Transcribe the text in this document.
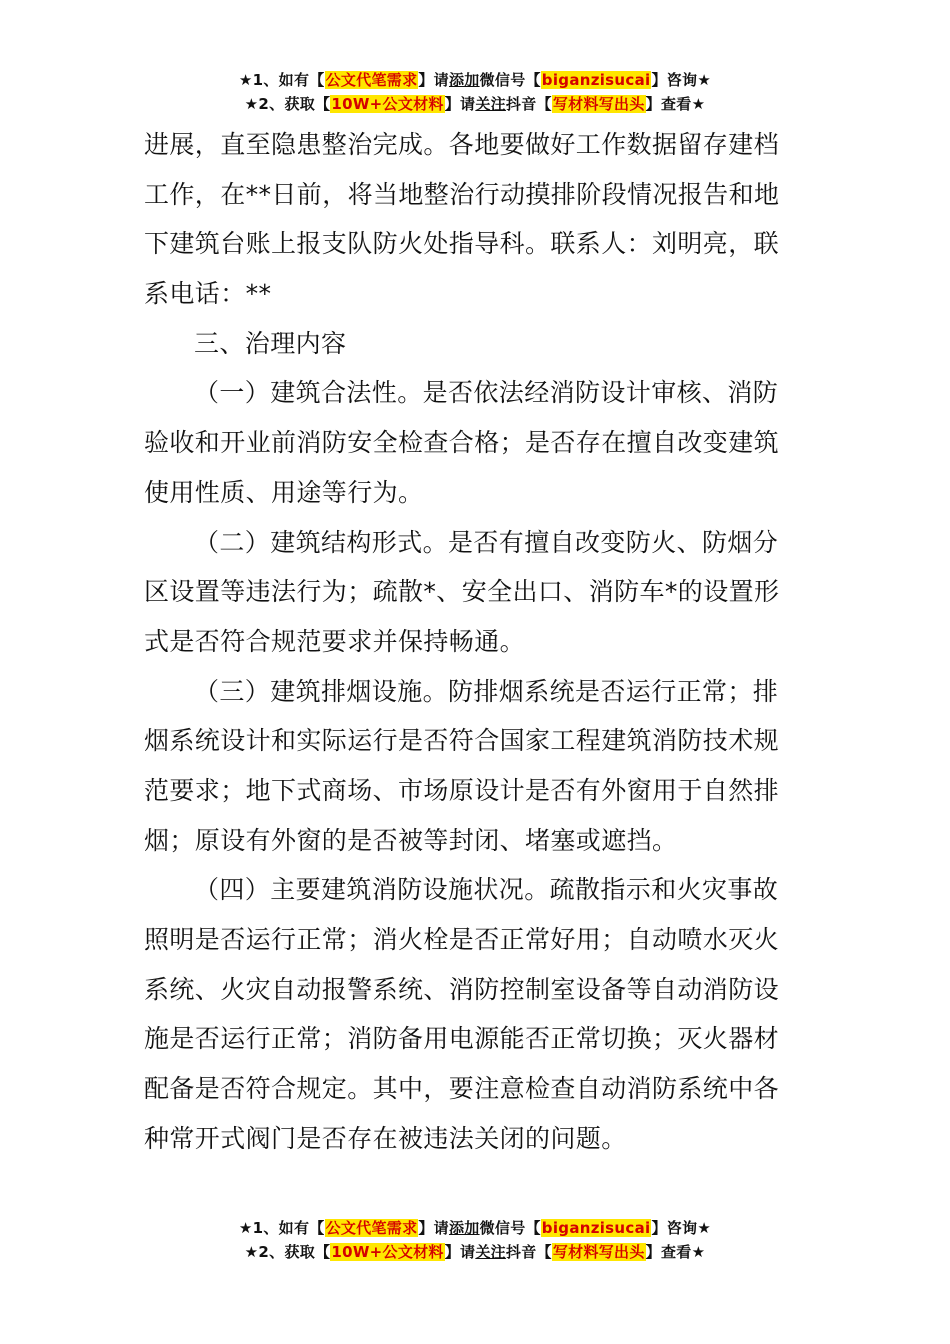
★1、如有【公文代笔需求】请添加微信号【biganzisucai】咨询★
★2、获取【10W+公文材料】请关注抖音【写材料写出头】查看★
进展，直至隐患整治完成。各地要做好工作数据留存建档
工作，在**日前，将当地整治行动摸排阶段情况报告和地
下建筑台账上报支队防火处指导科。联系人：刘明亮，联
系电话：**
三、治理内容
（一）建筑合法性。是否依法经消防设计审核、消防
验收和开业前消防安全检查合格；是否存在擅自改变建筑
使用性质、用途等行为。
（二）建筑结构形式。是否有擅自改变防火、防烟分
区设置等违法行为；疏散*、安全出口、消防车*的设置形
式是否符合规范要求并保持畅通。
（三）建筑排烟设施。防排烟系统是否运行正常；排
烟系统设计和实际运行是否符合国家工程建筑消防技术规
范要求；地下式商场、市场原设计是否有外窗用于自然排
烟；原设有外窗的是否被等封闭、堵塞或遮挡。
（四）主要建筑消防设施状况。疏散指示和火灾事故
照明是否运行正常；消火栓是否正常好用；自动喷水灭火
系统、火灾自动报警系统、消防控制室设备等自动消防设
施是否运行正常；消防备用电源能否正常切换；灭火器材
配备是否符合规定。其中，要注意检查自动消防系统中各
种常开式阀门是否存在被违法关闭的问题。
★1、如有【公文代笔需求】请添加微信号【biganzisucai】咨询★
★2、获取【10W+公文材料】请关注抖音【写材料写出头】查看★
